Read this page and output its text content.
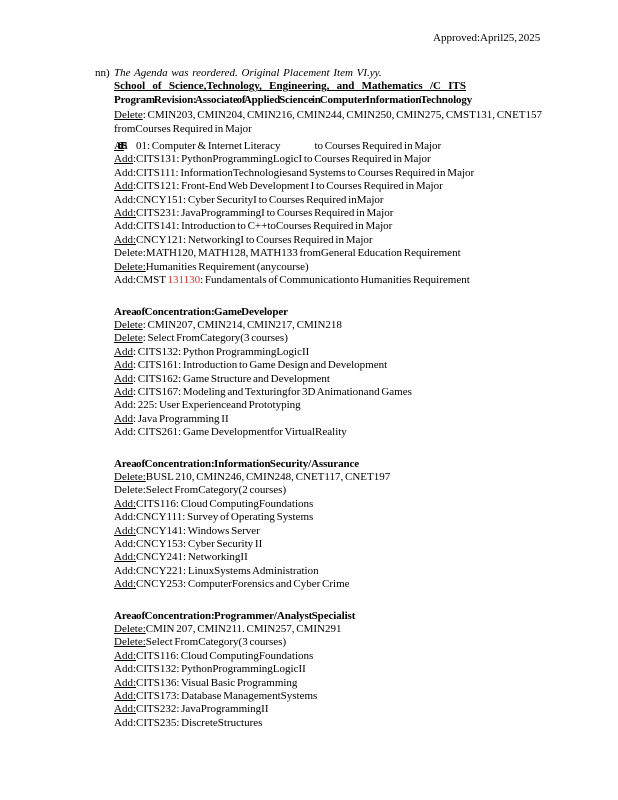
Approved:April25, 2025
nn) The Agenda was reordered. Original Placement Item VI.yy.
School of Science,Technology, Engineering, and Mathematics /C ITS
Program Revision: Associate of Applied Science in Computer Information Technology
Delete: CMIN203, CMIN204, CMIN216, CMIN244, CMIN250, CMIN275, CMST131, CNET157 fromCourses Required in Major
Add:CITS1 01: Computer & Internet Literacy	to Courses Required in Major
Add:CITS131: PythonProgrammingLogicI to Courses Required in Major
Add:CITS111: InformationTechnologiesand Systems to Courses Required in Major
Add:CITS121: Front-End Web Development I to Courses Required in Major
Add:CNCY151: Cyber SecurityI to Courses Required inMajor
Add:CITS231: JavaProgrammingI to Courses Required in Major
Add:CITS141: Introduction to C++toCourses Required in Major
Add:CNCY121: NetworkingI to Courses Required in Major
Delete:MATH120, MATH128, MATH133 fromGeneral Education Requirement
Delete:Humanities Requirement (anycourse)
Add:CMST 131130: Fundamentals of Communicationto Humanities Requirement
Area of Concentration: Game Developer
Delete: CMIN207, CMIN214, CMIN217, CMIN218
Delete: Select FromCategory(3 courses)
Add: CITS132: Python ProgrammingLogicII
Add: CITS161: Introduction to Game Design and Development
Add: CITS162: Game Structure and Development
Add: CITS167: Modeling and Texturingfor 3D Animationand Games
Add: 225: User Experienceand Prototyping
Add: Java Programming II
Add: CITS261: Game Developmentfor VirtualReality
Area of Concentration: Information Security/Assurance
Delete:BUSL 210, CMIN246, CMIN248, CNET117, CNET197
Delete:Select FromCategory(2 courses)
Add:CITS116: Cloud ComputingFoundations
Add:CNCY111: Survey of Operating Systems
Add:CNCY141: Windows Server
Add:CNCY153: Cyber Security II
Add:CNCY241: NetworkingII
Add:CNCY221: LinuxSystems Administration
Add:CNCY253: ComputerForensics and Cyber Crime
Area of Concentration: Programmer/Analyst Specialist
Delete:CMIN 207, CMIN211. CMIN257, CMIN291
Delete:Select FromCategory(3 courses)
Add:CITS116: Cloud ComputingFoundations
Add:CITS132: PythonProgrammingLogicII
Add:CITS136: Visual Basic Programming
Add:CITS173: Database ManagementSystems
Add:CITS232: JavaProgrammingII
Add:CITS235: DiscreteStructures
